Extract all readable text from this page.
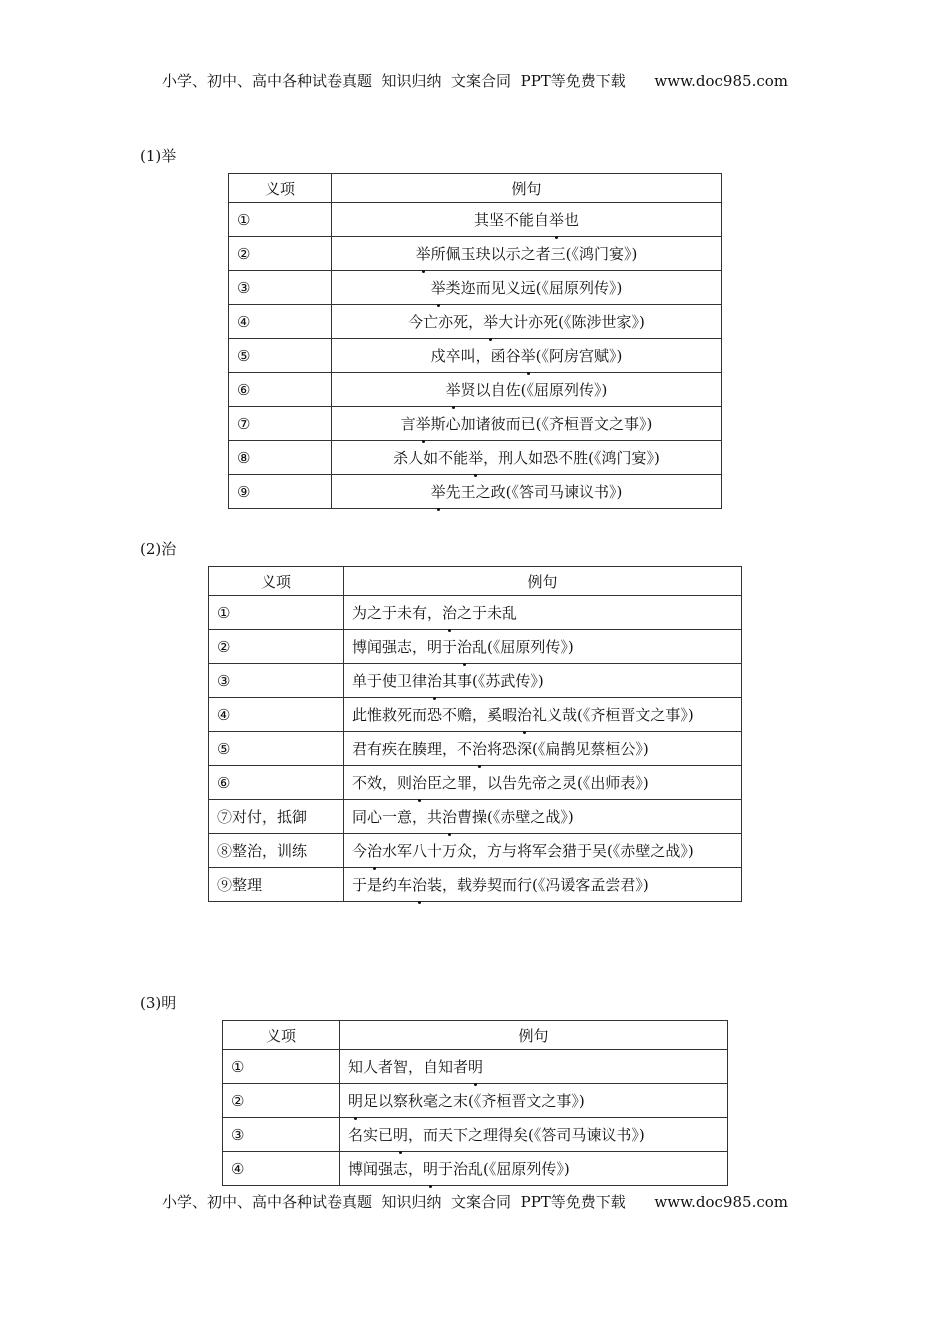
小学、初中、高中各种试卷真题  知识归纳  文案合同  PPT等免费下载      www.doc985.com
(1)举
义项	例句
①	其坚不能自举也
②	举所佩玉玦以示之者三(《鸿门宴》)
③	举类迩而见义远(《屈原列传》)
④	今亡亦死，举大计亦死(《陈涉世家》)
⑤	戍卒叫，函谷举(《阿房宫赋》)
⑥	举贤以自佐(《屈原列传》)
⑦	言举斯心加诸彼而已(《齐桓晋文之事》)
⑧	杀人如不能举，刑人如恐不胜(《鸿门宴》)
⑨	举先王之政(《答司马谏议书》)
(2)治
义项	例句
①	为之于未有，治之于未乱
②	博闻强志，明于治乱(《屈原列传》)
③	单于使卫律治其事(《苏武传》)
④	此惟救死而恐不赡，奚暇治礼义哉(《齐桓晋文之事》)
⑤	君有疾在腠理，不治将恐深(《扁鹊见蔡桓公》)
⑥	不效，则治臣之罪，以告先帝之灵(《出师表》)
⑦对付，抵御	同心一意，共治曹操(《赤壁之战》)
⑧整治，训练	今治水军八十万众，方与将军会猎于吴(《赤壁之战》)
⑨整理	于是约车治装，载券契而行(《冯谖客孟尝君》)
(3)明
义项	例句
①	知人者智，自知者明
②	明足以察秋毫之末(《齐桓晋文之事》)
③	名实已明，而天下之理得矣(《答司马谏议书》)
④	博闻强志，明于治乱(《屈原列传》)
小学、初中、高中各种试卷真题  知识归纳  文案合同  PPT等免费下载      www.doc985.com
